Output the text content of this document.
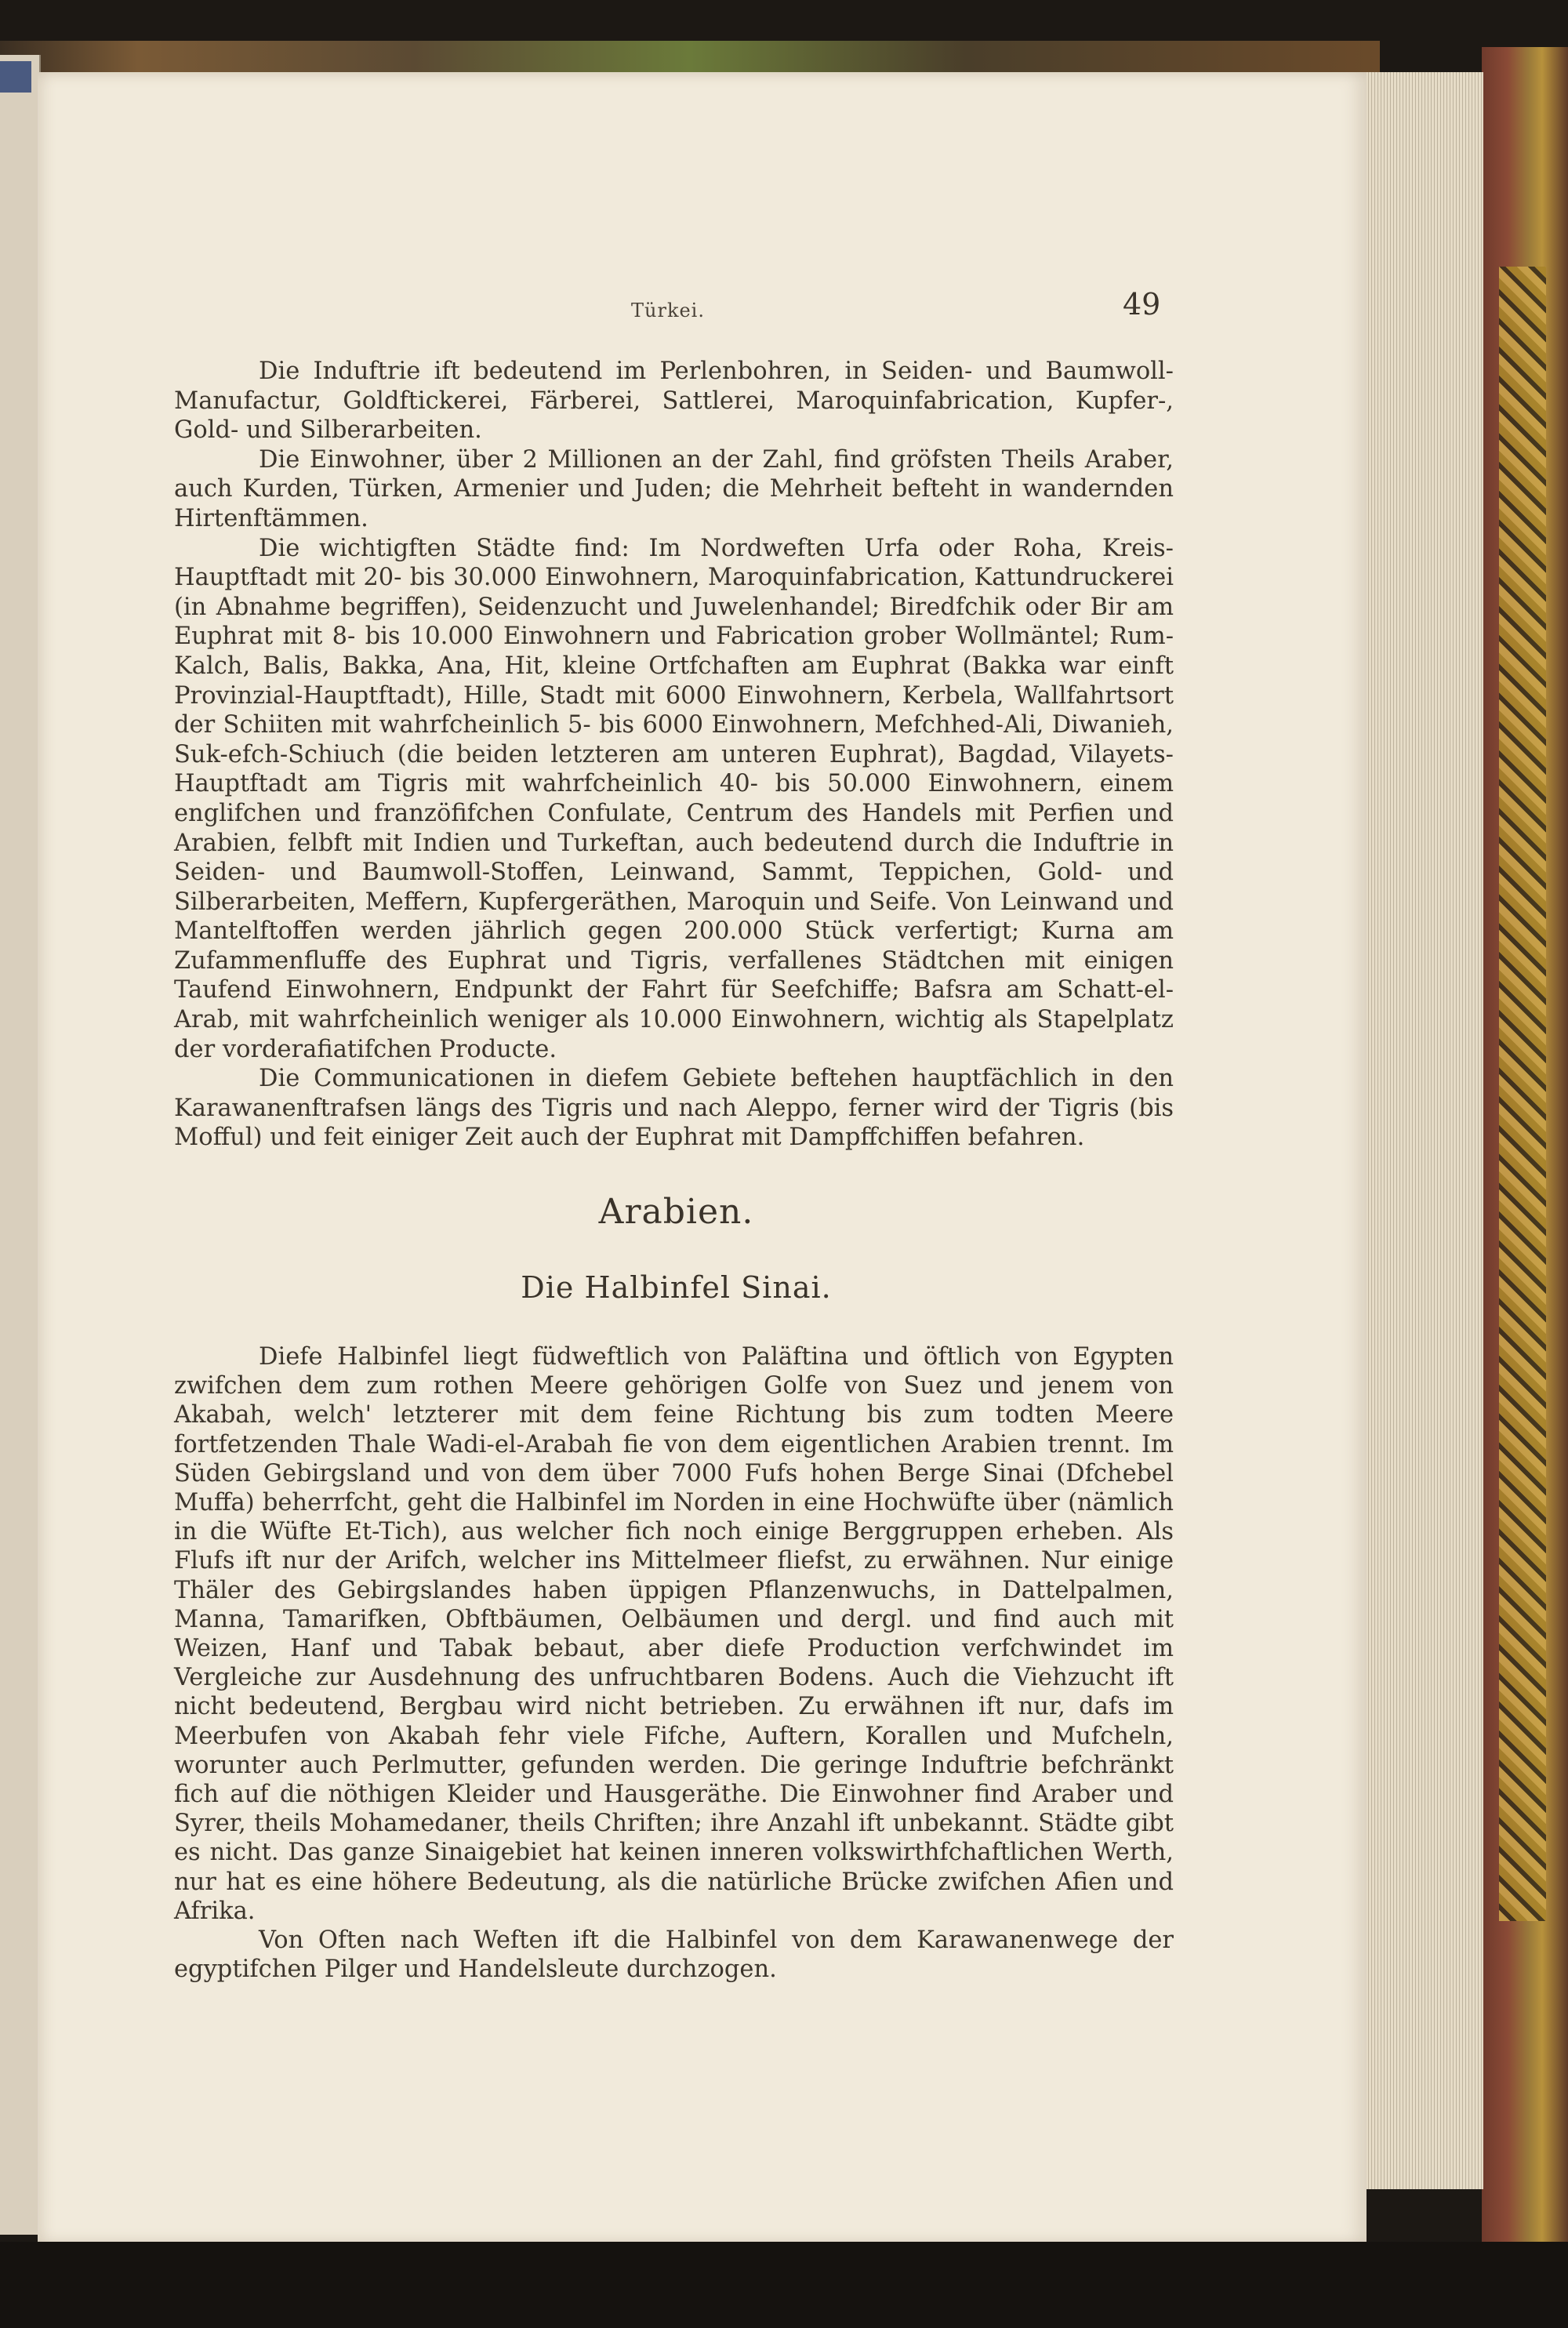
Türkei.	49

Die Induftrie ift bedeutend im Perlenbohren, in Seiden- und Baumwoll-Manufactur, Goldftickerei, Färberei, Sattlerei, Maroquinfabrication, Kupfer-, Gold- und Silberarbeiten.

Die Einwohner, über 2 Millionen an der Zahl, find gröfsten Theils Araber, auch Kurden, Türken, Armenier und Juden; die Mehrheit befteht in wandernden Hirtenftämmen.

Die wichtigften Städte find: Im Nordweften Urfa oder Roha, Kreis-Hauptftadt mit 20- bis 30.000 Einwohnern, Maroquinfabrication, Kattundruckerei (in Abnahme begriffen), Seidenzucht und Juwelenhandel; Biredfchik oder Bir am Euphrat mit 8- bis 10.000 Einwohnern und Fabrication grober Wollmäntel; Rum-Kalch, Balis, Bakka, Ana, Hit, kleine Ortfchaften am Euphrat (Bakka war einft Provinzial-Hauptftadt), Hille, Stadt mit 6000 Einwohnern, Kerbela, Wallfahrtsort der Schiiten mit wahrfcheinlich 5- bis 6000 Einwohnern, Mefchhed-Ali, Diwanieh, Suk-efch-Schiuch (die beiden letzteren am unteren Euphrat), Bagdad, Vilayets-Hauptftadt am Tigris mit wahrfcheinlich 40- bis 50.000 Einwohnern, einem englifchen und franzöfifchen Confulate, Centrum des Handels mit Perfien und Arabien, felbft mit Indien und Turkeftan, auch bedeutend durch die Induftrie in Seiden- und Baumwoll-Stoffen, Leinwand, Sammt, Teppichen, Gold- und Silberarbeiten, Meffern, Kupfergeräthen, Maroquin und Seife. Von Leinwand und Mantelftoffen werden jährlich gegen 200.000 Stück verfertigt; Kurna am Zufammenfluffe des Euphrat und Tigris, verfallenes Städtchen mit einigen Taufend Einwohnern, Endpunkt der Fahrt für Seefchiffe; Bafsra am Schatt-el-Arab, mit wahrfcheinlich weniger als 10.000 Einwohnern, wichtig als Stapelplatz der vorderafiatifchen Producte.

Die Communicationen in diefem Gebiete beftehen hauptfächlich in den Karawanenftrafsen längs des Tigris und nach Aleppo, ferner wird der Tigris (bis Mofful) und feit einiger Zeit auch der Euphrat mit Dampffchiffen befahren.

Arabien.
Die Halbinfel Sinai.

Diefe Halbinfel liegt füdweftlich von Paläftina und öftlich von Egypten zwifchen dem zum rothen Meere gehörigen Golfe von Suez und jenem von Akabah, welch' letzterer mit dem feine Richtung bis zum todten Meere fortfetzenden Thale Wadi-el-Arabah fie von dem eigentlichen Arabien trennt. Im Süden Gebirgsland und von dem über 7000 Fufs hohen Berge Sinai (Dfchebel Muffa) beherrfcht, geht die Halbinfel im Norden in eine Hochwüfte über (nämlich in die Wüfte Et-Tich), aus welcher fich noch einige Berggruppen erheben. Als Flufs ift nur der Arifch, welcher ins Mittelmeer fliefst, zu erwähnen. Nur einige Thäler des Gebirgslandes haben üppigen Pflanzenwuchs, in Dattelpalmen, Manna, Tamarifken, Obftbäumen, Oelbäumen und dergl. und find auch mit Weizen, Hanf und Tabak bebaut, aber diefe Production verfchwindet im Vergleiche zur Ausdehnung des unfruchtbaren Bodens. Auch die Viehzucht ift nicht bedeutend, Bergbau wird nicht betrieben. Zu erwähnen ift nur, dafs im Meerbufen von Akabah fehr viele Fifche, Auftern, Korallen und Mufcheln, worunter auch Perlmutter, gefunden werden. Die geringe Induftrie befchränkt fich auf die nöthigen Kleider und Hausgeräthe. Die Einwohner find Araber und Syrer, theils Mohamedaner, theils Chriften; ihre Anzahl ift unbekannt. Städte gibt es nicht. Das ganze Sinaigebiet hat keinen inneren volkswirthfchaftlichen Werth, nur hat es eine höhere Bedeutung, als die natürliche Brücke zwifchen Afien und Afrika.

Von Often nach Weften ift die Halbinfel von dem Karawanenwege der egyptifchen Pilger und Handelsleute durchzogen.
